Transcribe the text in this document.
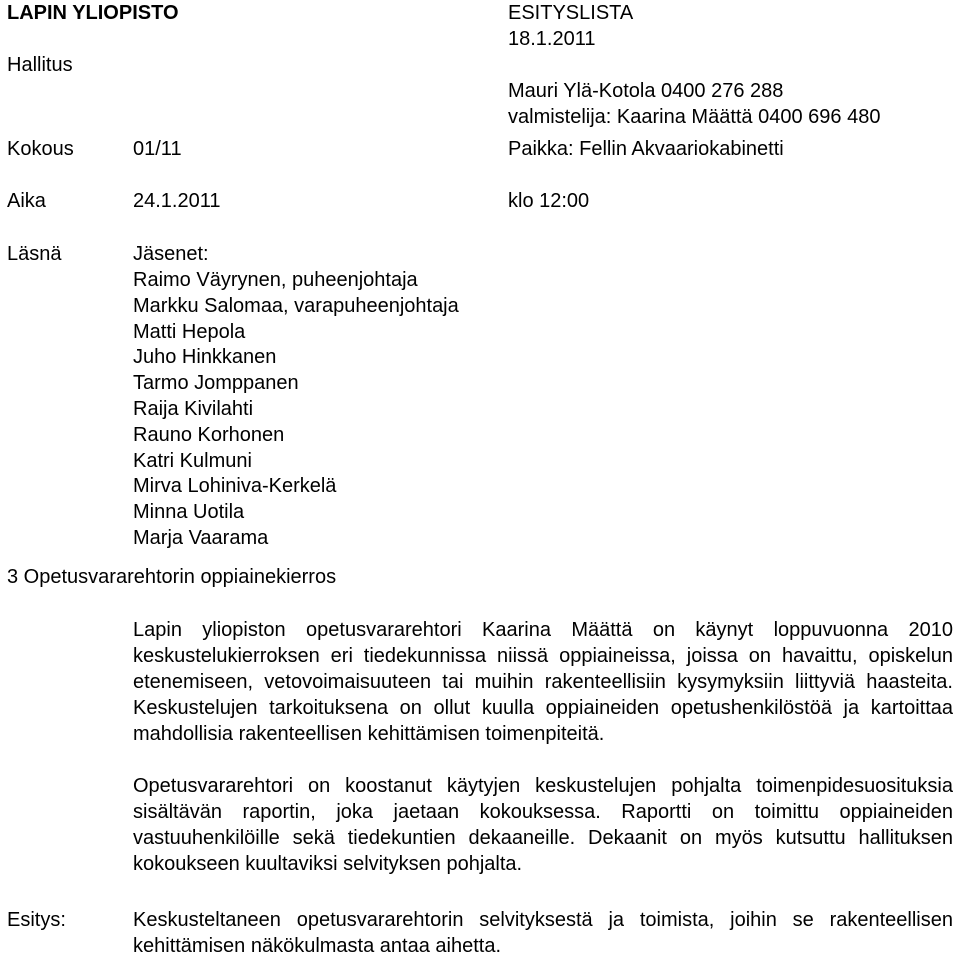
LAPIN YLIOPISTO	ESITYSLISTA
18.1.2011
Hallitus
Mauri Ylä-Kotola 0400 276 288
valmistelija: Kaarina Määttä 0400 696 480
Kokous	01/11	Paikka: Fellin Akvaariokabinetti
Aika	24.1.2011	klo 12:00
Läsnä	Jäsenet:
Raimo Väyrynen, puheenjohtaja
Markku Salomaa, varapuheenjohtaja
Matti Hepola
Juho Hinkkanen
Tarmo Jomppanen
Raija Kivilahti
Rauno Korhonen
Katri Kulmuni
Mirva Lohiniva-Kerkelä
Minna Uotila
Marja Vaarama
3 Opetusvararehtorin oppiainekierros
Lapin yliopiston opetusvararehtori Kaarina Määttä on käynyt loppuvuonna 2010 keskustelukierroksen eri tiedekunnissa niissä oppiaineissa, joissa on havaittu, opiskelun etenemiseen, vetovoimaisuuteen tai muihin rakenteellisiin kysymyksiin liittyviä haasteita. Keskustelujen tarkoituksena on ollut kuulla oppiaineiden opetushenkilöstöä ja kartoittaa mahdollisia rakenteellisen kehittämisen toimenpiteitä.
Opetusvararehtori on koostanut käytyjen keskustelujen pohjalta toimenpidesuosituksia sisältävän raportin, joka jaetaan kokouksessa. Raportti on toimittu oppiaineiden vastuuhenkilöille sekä tiedekuntien dekaaneille. Dekaanit on myös kutsuttu hallituksen kokoukseen kuultaviksi selvityksen pohjalta.
Esitys:	Keskusteltaneen opetusvararehtorin selvityksestä ja toimista, joihin se rakenteellisen kehittämisen näkökulmasta antaa aihetta.
